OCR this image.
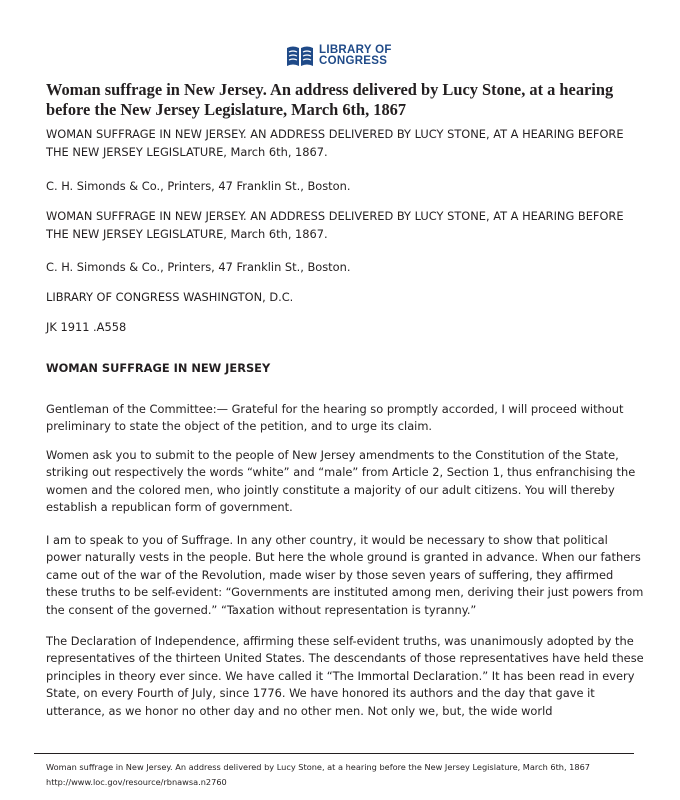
LIBRARY OF
CONGRESS
Woman suffrage in New Jersey. An address delivered by Lucy Stone, at a hearing before the New Jersey Legislature, March 6th, 1867

WOMAN SUFFRAGE IN NEW JERSEY. AN ADDRESS DELIVERED BY LUCY STONE, AT A HEARING BEFORE THE NEW JERSEY LEGISLATURE, March 6th, 1867.

C. H. Simonds & Co., Printers, 47 Franklin St., Boston.

WOMAN SUFFRAGE IN NEW JERSEY. AN ADDRESS DELIVERED BY LUCY STONE, AT A HEARING BEFORE THE NEW JERSEY LEGISLATURE, March 6th, 1867.

C. H. Simonds & Co., Printers, 47 Franklin St., Boston.

LIBRARY OF CONGRESS WASHINGTON, D.C.

JK 1911 .A558

WOMAN SUFFRAGE IN NEW JERSEY

Gentleman of the Committee:— Grateful for the hearing so promptly accorded, I will proceed without preliminary to state the object of the petition, and to urge its claim.

Women ask you to submit to the people of New Jersey amendments to the Constitution of the State, striking out respectively the words “white” and “male” from Article 2, Section 1, thus enfranchising the women and the colored men, who jointly constitute a majority of our adult citizens. You will thereby establish a republican form of government.

I am to speak to you of Suffrage. In any other country, it would be necessary to show that political power naturally vests in the people. But here the whole ground is granted in advance. When our fathers came out of the war of the Revolution, made wiser by those seven years of suffering, they affirmed these truths to be self-evident: “Governments are instituted among men, deriving their just powers from the consent of the governed.” “Taxation without representation is tyranny.”

The Declaration of Independence, affirming these self-evident truths, was unanimously adopted by the representatives of the thirteen United States. The descendants of those representatives have held these principles in theory ever since. We have called it “The Immortal Declaration.” It has been read in every State, on every Fourth of July, since 1776. We have honored its authors and the day that gave it utterance, as we honor no other day and no other men. Not only we, but, the wide world

Woman suffrage in New Jersey. An address delivered by Lucy Stone, at a hearing before the New Jersey Legislature, March 6th, 1867 http://www.loc.gov/resource/rbnawsa.n2760
